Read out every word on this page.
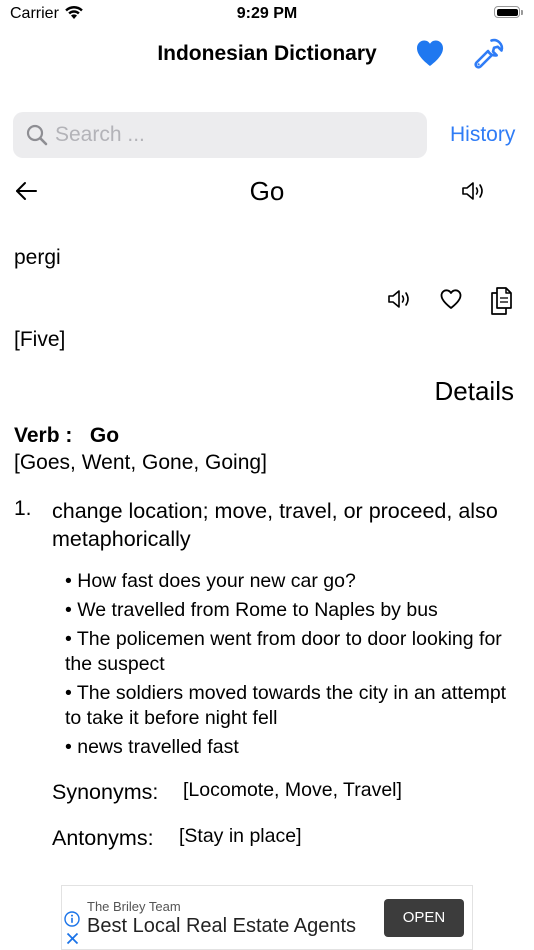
Carrier	9:29 PM
Indonesian Dictionary
Search ...
History
Go
pergi
[Five]
Details
Verb :   Go
[Goes, Went, Gone, Going]
1. change location; move, travel, or proceed, also metaphorically
• How fast does your new car go?
• We travelled from Rome to Naples by bus
• The policemen went from door to door looking for the suspect
• The soldiers moved towards the city in an attempt to take it before night fell
• news travelled fast
Synonyms: [Locomote, Move, Travel]
Antonyms: [Stay in place]
The Briley Team
Best Local Real Estate Agents	OPEN
